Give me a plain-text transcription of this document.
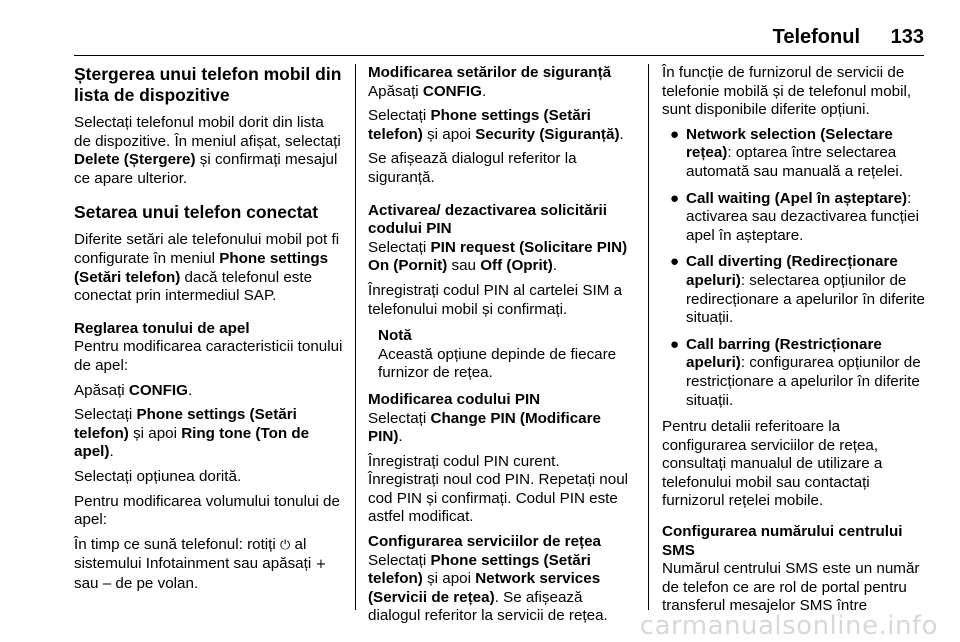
Telefonul 133

Ștergerea unui telefon mobil din lista de dispozitive

Selectați telefonul mobil dorit din lista de dispozitive. În meniul afișat, selectați Delete (Ștergere) și confirmați mesajul ce apare ulterior.

Setarea unui telefon conectat

Diferite setări ale telefonului mobil pot fi configurate în meniul Phone settings (Setări telefon) dacă telefonul este conectat prin intermediul SAP.

Reglarea tonului de apel

Pentru modificarea caracteristicii tonului de apel:

Apăsați CONFIG.

Selectați Phone settings (Setări telefon) și apoi Ring tone (Ton de apel).

Selectați opțiunea dorită.

Pentru modificarea volumului tonului de apel:

În timp ce sună telefonul: rotiți ⏻ al sistemului Infotainment sau apăsați + sau – de pe volan.

Modificarea setărilor de siguranță

Apăsați CONFIG.

Selectați Phone settings (Setări telefon) și apoi Security (Siguranță).

Se afișează dialogul referitor la siguranță.

Activarea/ dezactivarea solicitării codului PIN

Selectați PIN request (Solicitare PIN) On (Pornit) sau Off (Oprit).

Înregistrați codul PIN al cartelei SIM a telefonului mobil și confirmați.

Notă

Această opțiune depinde de fiecare furnizor de rețea.

Modificarea codului PIN

Selectați Change PIN (Modificare PIN).

Înregistrați codul PIN curent.

Înregistrați noul cod PIN. Repetați noul cod PIN și confirmați. Codul PIN este astfel modificat.

Configurarea serviciilor de rețea

Selectați Phone settings (Setări telefon) și apoi Network services (Servicii de rețea). Se afișează dialogul referitor la servicii de rețea.

În funcție de furnizorul de servicii de telefonie mobilă și de telefonul mobil, sunt disponibile diferite opțiuni.

● Network selection (Selectare rețea): optarea între selectarea automată sau manuală a rețelei.
● Call waiting (Apel în așteptare): activarea sau dezactivarea funcției apel în așteptare.
● Call diverting (Redirecționare apeluri): selectarea opțiunilor de redirecționare a apelurilor în diferite situații.
● Call barring (Restricționare apeluri): configurarea opțiunilor de restricționare a apelurilor în diferite situații.

Pentru detalii referitoare la configurarea serviciilor de rețea, consultați manualul de utilizare a telefonului mobil sau contactați furnizorul rețelei mobile.

Configurarea numărului centrului SMS

Numărul centrului SMS este un număr de telefon ce are rol de portal pentru transferul mesajelor SMS între

carmanualsonline.info
